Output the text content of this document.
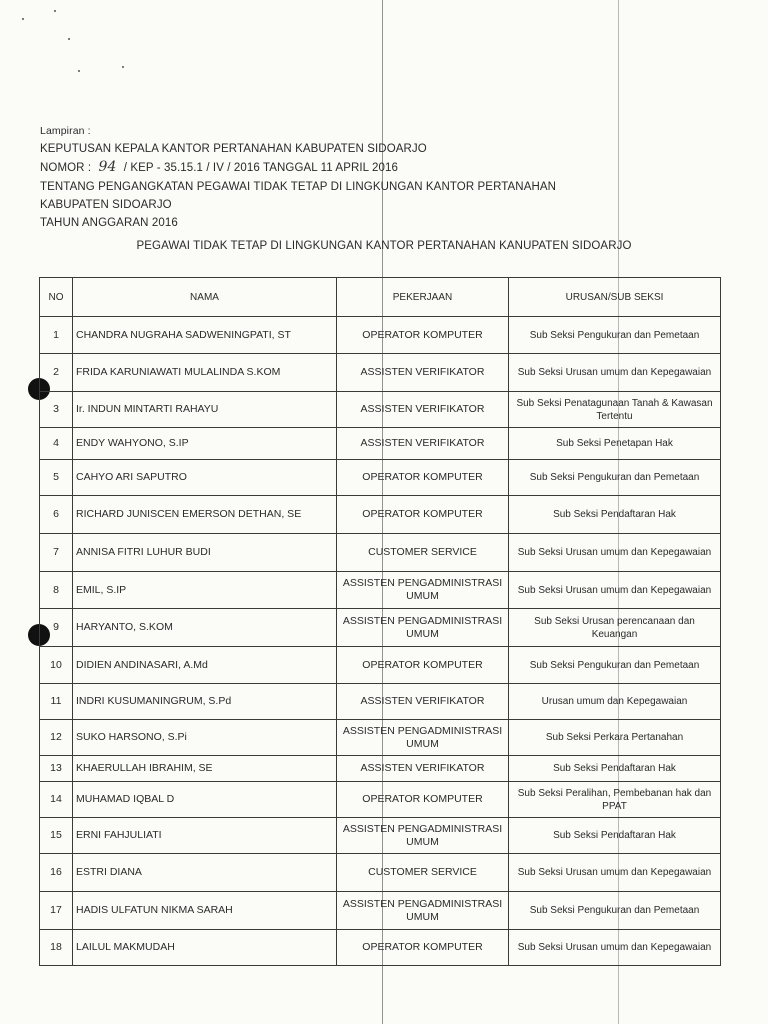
Lampiran :
KEPUTUSAN KEPALA KANTOR PERTANAHAN KABUPATEN SIDOARJO
NOMOR : 94 / KEP - 35.15.1 / IV / 2016 TANGGAL 11 APRIL 2016
TENTANG PENGANGKATAN PEGAWAI TIDAK TETAP DI LINGKUNGAN KANTOR PERTANAHAN
KABUPATEN SIDOARJO
TAHUN ANGGARAN 2016
PEGAWAI TIDAK TETAP DI LINGKUNGAN KANTOR PERTANAHAN KANUPATEN SIDOARJO
NO	NAMA	PEKERJAAN	URUSAN/SUB SEKSI
1	CHANDRA NUGRAHA SADWENINGPATI, ST	OPERATOR KOMPUTER	Sub Seksi Pengukuran dan Pemetaan
2	FRIDA KARUNIAWATI MULALINDA S.KOM	ASSISTEN VERIFIKATOR	Sub Seksi Urusan umum dan Kepegawaian
3	Ir. INDUN MINTARTI RAHAYU	ASSISTEN VERIFIKATOR	Sub Seksi Penatagunaan Tanah & Kawasan Tertentu
4	ENDY WAHYONO, S.IP	ASSISTEN VERIFIKATOR	Sub Seksi Penetapan Hak
5	CAHYO ARI SAPUTRO	OPERATOR KOMPUTER	Sub Seksi Pengukuran dan Pemetaan
6	RICHARD JUNISCEN EMERSON DETHAN, SE	OPERATOR KOMPUTER	Sub Seksi Pendaftaran Hak
7	ANNISA FITRI LUHUR BUDI	CUSTOMER SERVICE	Sub Seksi Urusan umum dan Kepegawaian
8	EMIL, S.IP	ASSISTEN PENGADMINISTRASI UMUM	Sub Seksi Urusan umum dan Kepegawaian
9	HARYANTO, S.KOM	ASSISTEN PENGADMINISTRASI UMUM	Sub Seksi Urusan perencanaan dan Keuangan
10	DIDIEN ANDINASARI, A.Md	OPERATOR KOMPUTER	Sub Seksi Pengukuran dan Pemetaan
11	INDRI KUSUMANINGRUM, S.Pd	ASSISTEN VERIFIKATOR	Urusan umum dan Kepegawaian
12	SUKO HARSONO, S.Pi	ASSISTEN PENGADMINISTRASI UMUM	Sub Seksi Perkara Pertanahan
13	KHAERULLAH IBRAHIM, SE	ASSISTEN VERIFIKATOR	Sub Seksi Pendaftaran Hak
14	MUHAMAD IQBAL D	OPERATOR KOMPUTER	Sub Seksi Peralihan, Pembebanan hak dan PPAT
15	ERNI FAHJULIATI	ASSISTEN PENGADMINISTRASI UMUM	Sub Seksi Pendaftaran Hak
16	ESTRI DIANA	CUSTOMER SERVICE	Sub Seksi Urusan umum dan Kepegawaian
17	HADIS ULFATUN NIKMA SARAH	ASSISTEN PENGADMINISTRASI UMUM	Sub Seksi Pengukuran dan Pemetaan
18	LAILUL MAKMUDAH	OPERATOR KOMPUTER	Sub Seksi Urusan umum dan Kepegawaian
